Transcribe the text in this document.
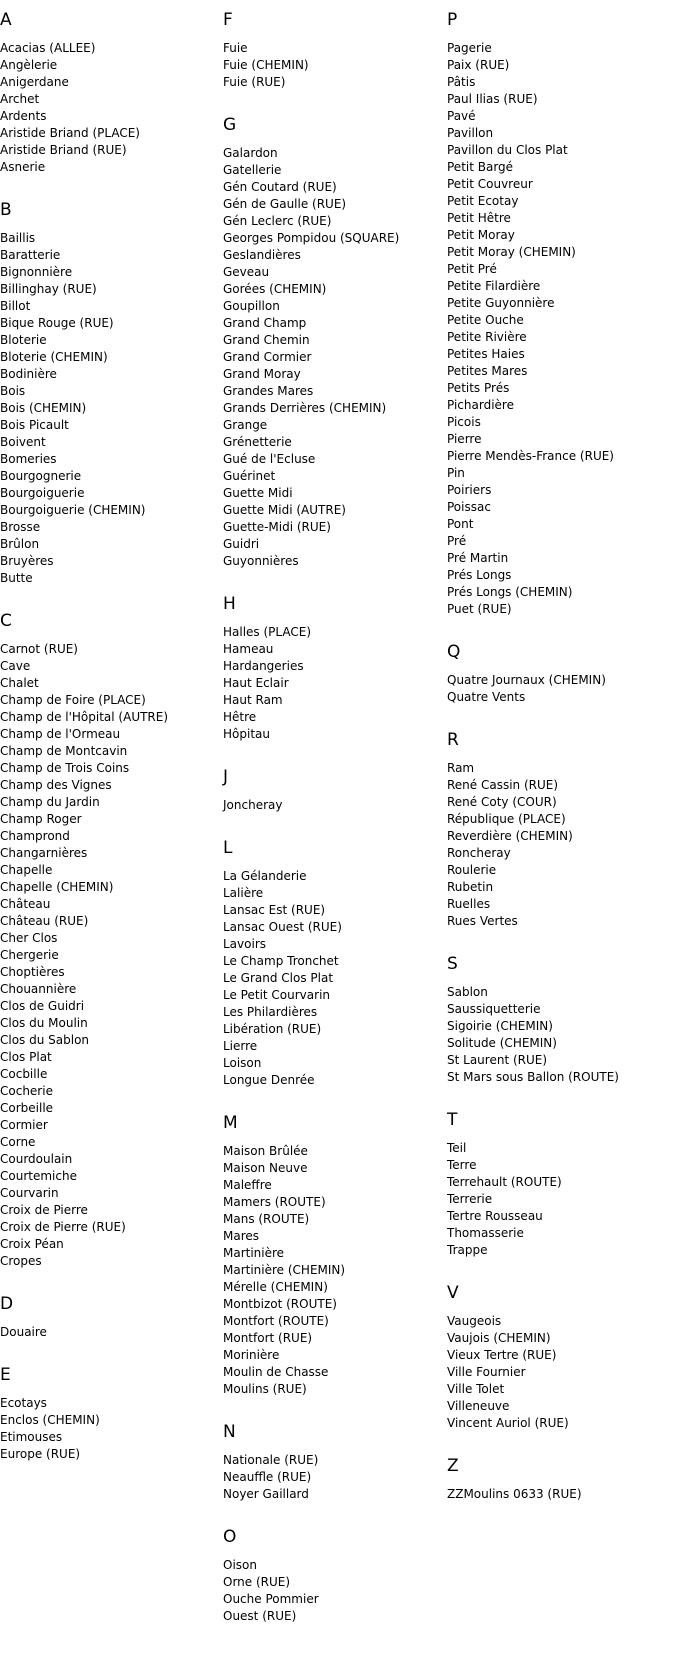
A
Acacias (ALLEE)
Angèlerie
Anigerdane
Archet
Ardents
Aristide Briand (PLACE)
Aristide Briand (RUE)
Asnerie
B
Baillis
Baratterie
Bignonnière
Billinghay (RUE)
Billot
Bique Rouge (RUE)
Bloterie
Bloterie (CHEMIN)
Bodinière
Bois
Bois (CHEMIN)
Bois Picault
Boivent
Bomeries
Bourgognerie
Bourgoiguerie
Bourgoiguerie (CHEMIN)
Brosse
Brûlon
Bruyères
Butte
C
Carnot (RUE)
Cave
Chalet
Champ de Foire (PLACE)
Champ de l'Hôpital (AUTRE)
Champ de l'Ormeau
Champ de Montcavin
Champ de Trois Coins
Champ des Vignes
Champ du Jardin
Champ Roger
Champrond
Changarnières
Chapelle
Chapelle (CHEMIN)
Château
Château (RUE)
Cher Clos
Chergerie
Choptières
Chouannière
Clos de Guidri
Clos du Moulin
Clos du Sablon
Clos Plat
Cocbille
Cocherie
Corbeille
Cormier
Corne
Courdoulain
Courtemiche
Courvarin
Croix de Pierre
Croix de Pierre (RUE)
Croix Péan
Cropes
D
Douaire
E
Ecotays
Enclos (CHEMIN)
Etimouses
Europe (RUE)
F
Fuie
Fuie (CHEMIN)
Fuie (RUE)
G
Galardon
Gatellerie
Gén Coutard (RUE)
Gén de Gaulle (RUE)
Gén Leclerc (RUE)
Georges Pompidou (SQUARE)
Geslandières
Geveau
Gorées (CHEMIN)
Goupillon
Grand Champ
Grand Chemin
Grand Cormier
Grand Moray
Grandes Mares
Grands Derrières (CHEMIN)
Grange
Grénetterie
Gué de l'Ecluse
Guérinet
Guette Midi
Guette Midi (AUTRE)
Guette-Midi (RUE)
Guidri
Guyonnières
H
Halles (PLACE)
Hameau
Hardangeries
Haut Eclair
Haut Ram
Hêtre
Hôpitau
J
Joncheray
L
La Gélanderie
Lalière
Lansac Est (RUE)
Lansac Ouest (RUE)
Lavoirs
Le Champ Tronchet
Le Grand Clos Plat
Le Petit Courvarin
Les Philardières
Libération (RUE)
Lierre
Loison
Longue Denrée
M
Maison Brûlée
Maison Neuve
Maleffre
Mamers (ROUTE)
Mans (ROUTE)
Mares
Martinière
Martinière (CHEMIN)
Mérelle (CHEMIN)
Montbizot (ROUTE)
Montfort (ROUTE)
Montfort (RUE)
Morinière
Moulin de Chasse
Moulins (RUE)
N
Nationale (RUE)
Neauffle (RUE)
Noyer Gaillard
O
Oison
Orne (RUE)
Ouche Pommier
Ouest (RUE)
P
Pagerie
Paix (RUE)
Pâtis
Paul Ilias (RUE)
Pavé
Pavillon
Pavillon du Clos Plat
Petit Bargé
Petit Couvreur
Petit Ecotay
Petit Hêtre
Petit Moray
Petit Moray (CHEMIN)
Petit Pré
Petite Filardière
Petite Guyonnière
Petite Ouche
Petite Rivière
Petites Haies
Petites Mares
Petits Prés
Pichardière
Picois
Pierre
Pierre Mendès-France (RUE)
Pin
Poiriers
Poissac
Pont
Pré
Pré Martin
Prés Longs
Prés Longs (CHEMIN)
Puet (RUE)
Q
Quatre Journaux (CHEMIN)
Quatre Vents
R
Ram
René Cassin (RUE)
René Coty (COUR)
République (PLACE)
Reverdière (CHEMIN)
Roncheray
Roulerie
Rubetin
Ruelles
Rues Vertes
S
Sablon
Saussiquetterie
Sigoirie (CHEMIN)
Solitude (CHEMIN)
St Laurent (RUE)
St Mars sous Ballon (ROUTE)
T
Teil
Terre
Terrehault (ROUTE)
Terrerie
Tertre Rousseau
Thomasserie
Trappe
V
Vaugeois
Vaujois (CHEMIN)
Vieux Tertre (RUE)
Ville Fournier
Ville Tolet
Villeneuve
Vincent Auriol (RUE)
Z
ZZMoulins 0633 (RUE)
